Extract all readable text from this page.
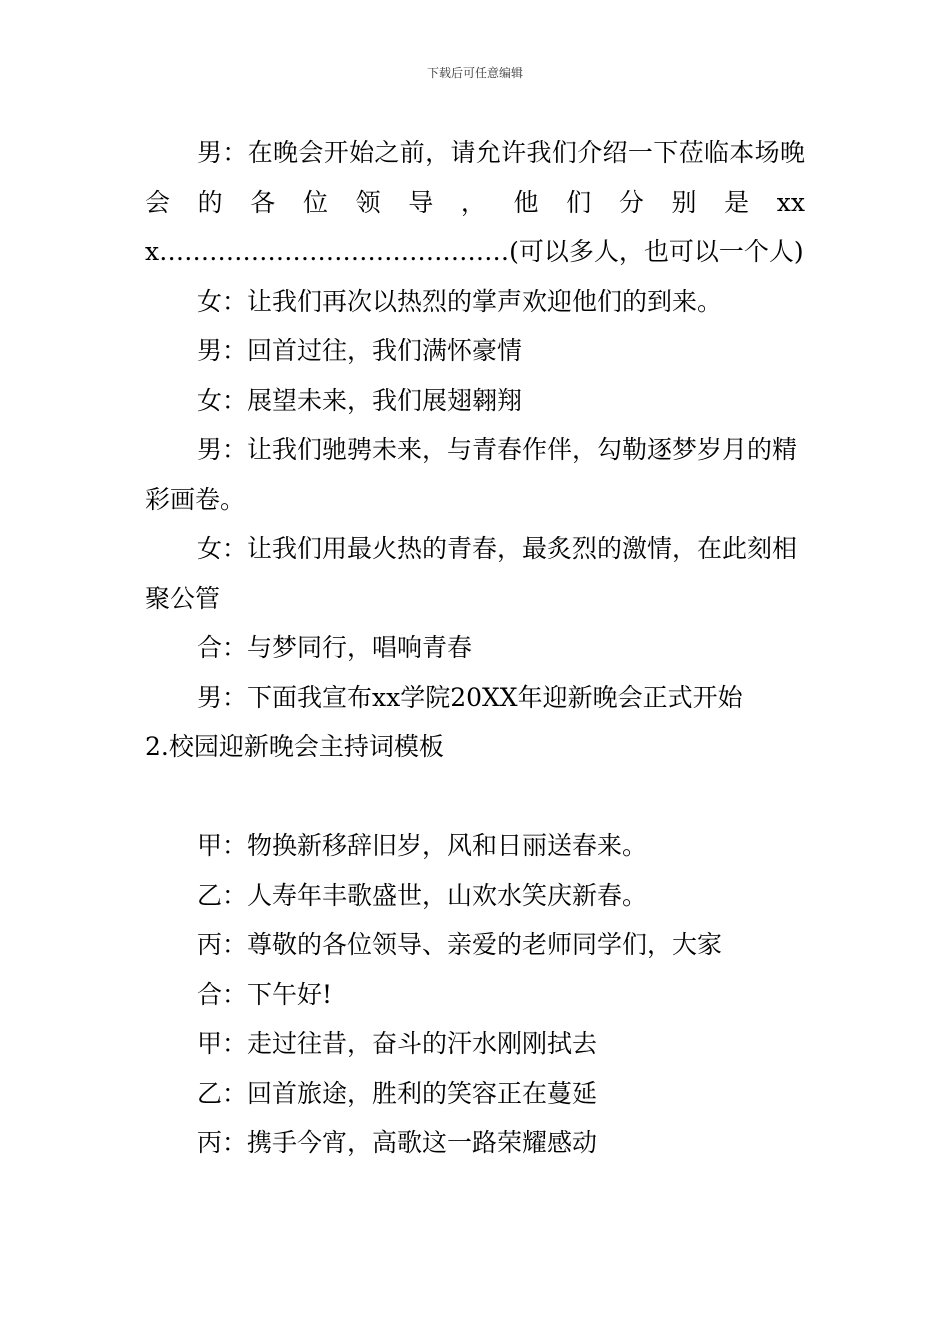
下载后可任意编辑

男：在晚会开始之前，请允许我们介绍一下莅临本场晚会的各位领导，他们分别是xxx……………………………………(可以多人，也可以一个人)

女：让我们再次以热烈的掌声欢迎他们的到来。

男：回首过往，我们满怀豪情

女：展望未来，我们展翅翱翔

男：让我们驰骋未来，与青春作伴，勾勒逐梦岁月的精彩画卷。

女：让我们用最火热的青春，最炙烈的激情，在此刻相聚公管

合：与梦同行，唱响青春

男：下面我宣布xx学院20XX年迎新晚会正式开始

2.校园迎新晚会主持词模板

甲：物换新移辞旧岁，风和日丽送春来。

乙：人寿年丰歌盛世，山欢水笑庆新春。

丙：尊敬的各位领导、亲爱的老师同学们，大家

合：下午好!

甲：走过往昔，奋斗的汗水刚刚拭去

乙：回首旅途，胜利的笑容正在蔓延

丙：携手今宵，高歌这一路荣耀感动
